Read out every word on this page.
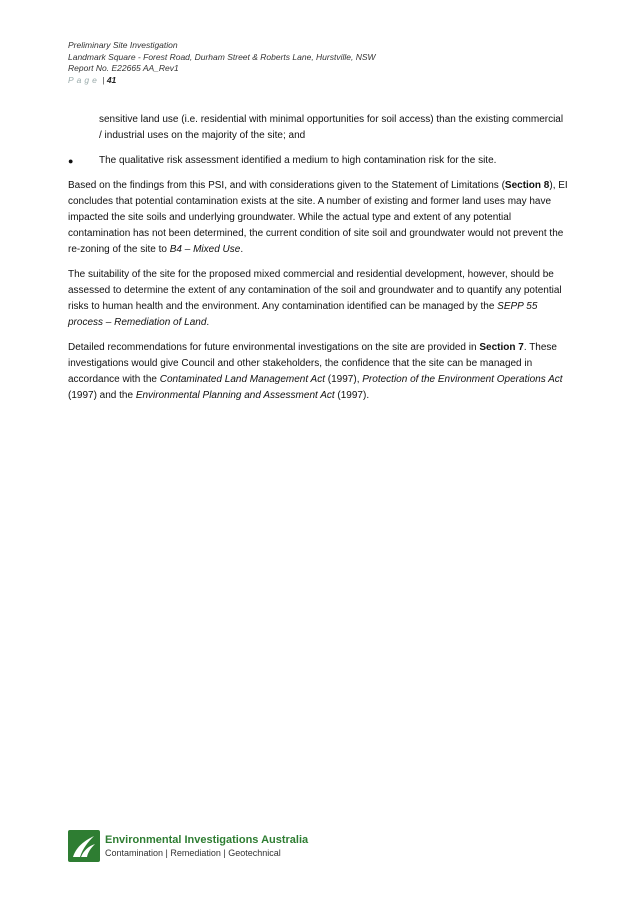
Preliminary Site Investigation
Landmark Square - Forest Road, Durham Street & Roberts Lane, Hurstville, NSW
Report No. E22665 AA_Rev1
Page | 41

sensitive land use (i.e. residential with minimal opportunities for soil access) than the existing commercial / industrial uses on the majority of the site; and

●	The qualitative risk assessment identified a medium to high contamination risk for the site.

Based on the findings from this PSI, and with considerations given to the Statement of Limitations (Section 8), EI concludes that potential contamination exists at the site. A number of existing and former land uses may have impacted the site soils and underlying groundwater. While the actual type and extent of any potential contamination has not been determined, the current condition of site soil and groundwater would not prevent the re-zoning of the site to B4 – Mixed Use.

The suitability of the site for the proposed mixed commercial and residential development, however, should be assessed to determine the extent of any contamination of the soil and groundwater and to quantify any potential risks to human health and the environment. Any contamination identified can be managed by the SEPP 55 process – Remediation of Land.

Detailed recommendations for future environmental investigations on the site are provided in Section 7. These investigations would give Council and other stakeholders, the confidence that the site can be managed in accordance with the Contaminated Land Management Act (1997), Protection of the Environment Operations Act (1997) and the Environmental Planning and Assessment Act (1997).

Environmental Investigations Australia
Contamination | Remediation | Geotechnical
